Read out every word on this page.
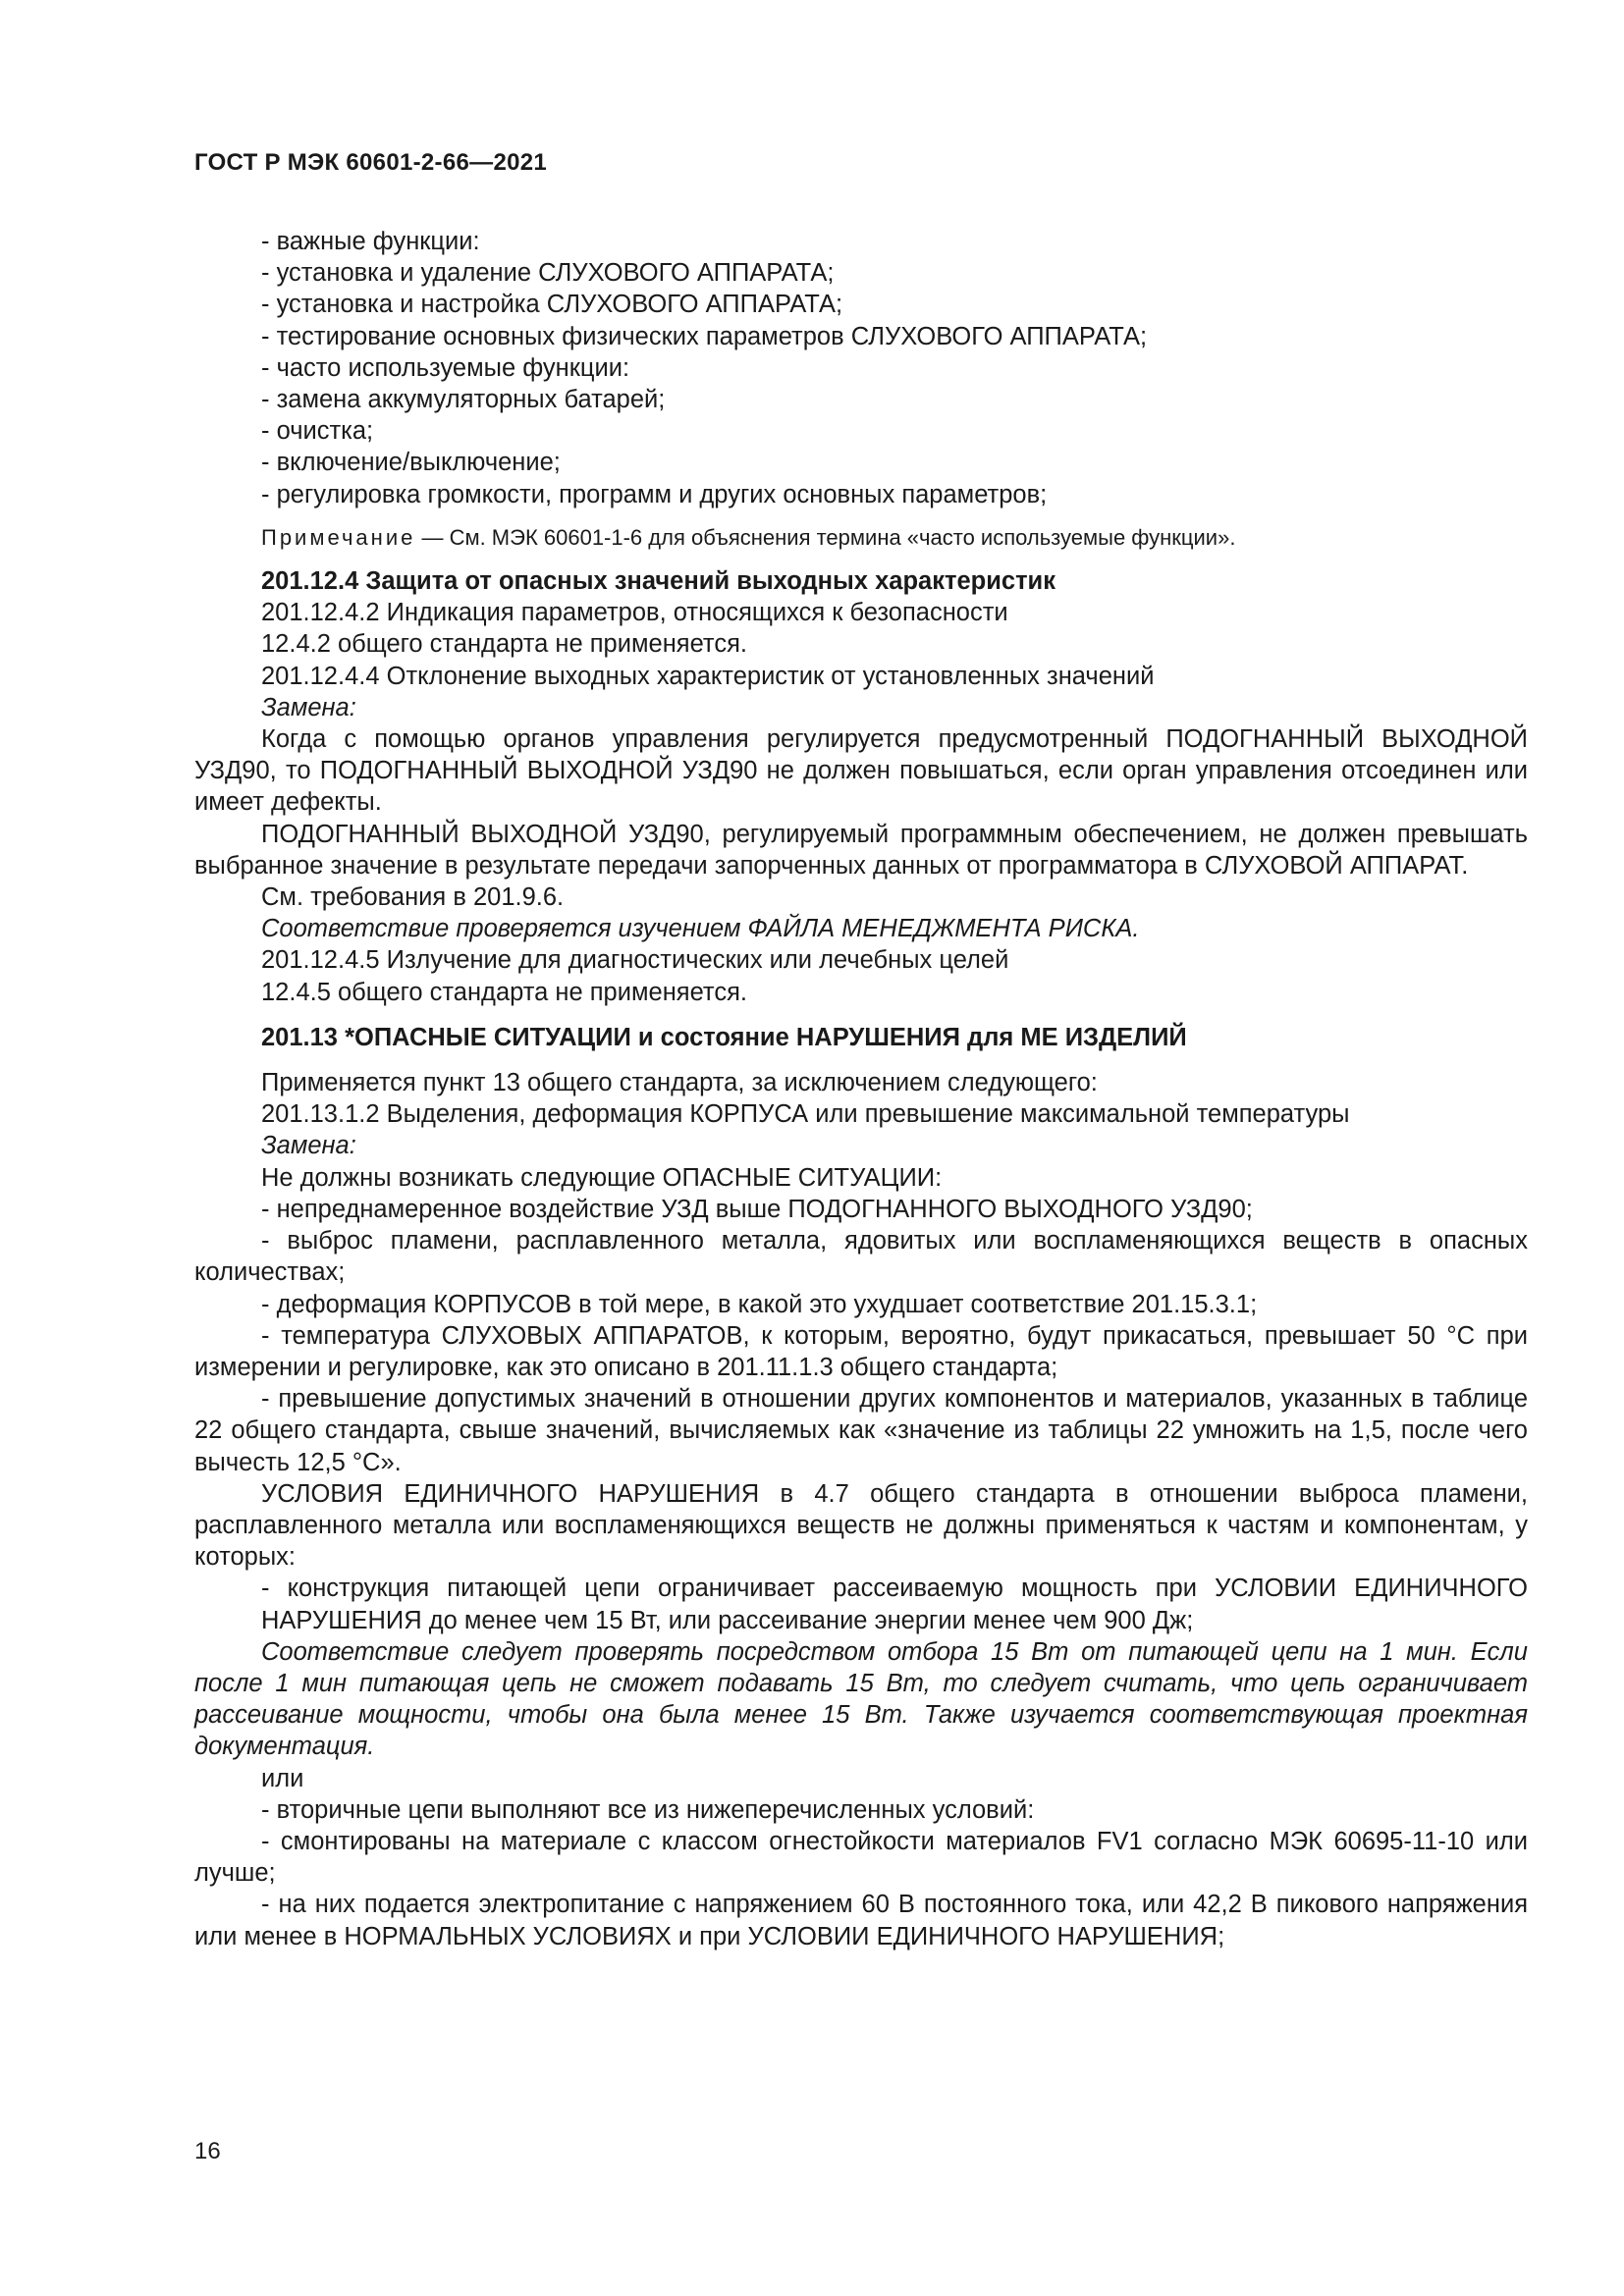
ГОСТ Р МЭК 60601-2-66—2021

- важные функции:

- установка и удаление СЛУХОВОГО АППАРАТА;

- установка и настройка СЛУХОВОГО АППАРАТА;

- тестирование основных физических параметров СЛУХОВОГО АППАРАТА;

- часто используемые функции:

- замена аккумуляторных батарей;

- очистка;

- включение/выключение;

- регулировка громкости, программ и других основных параметров;

Примечание — См. МЭК 60601-1-6 для объяснения термина «часто используемые функции».

201.12.4 Защита от опасных значений выходных характеристик

201.12.4.2 Индикация параметров, относящихся к безопасности

12.4.2 общего стандарта не применяется.

201.12.4.4 Отклонение выходных характеристик от установленных значений

Замена:

Когда с помощью органов управления регулируется предусмотренный ПОДОГНАННЫЙ ВЫХОДНОЙ УЗД90, то ПОДОГНАННЫЙ ВЫХОДНОЙ УЗД90 не должен повышаться, если орган управления отсоединен или имеет дефекты.

ПОДОГНАННЫЙ ВЫХОДНОЙ УЗД90, регулируемый программным обеспечением, не должен превышать выбранное значение в результате передачи запорченных данных от программатора в СЛУХОВОЙ АППАРАТ.

См. требования в 201.9.6.

Соответствие проверяется изучением ФАЙЛА МЕНЕДЖМЕНТА РИСКА.

201.12.4.5 Излучение для диагностических или лечебных целей

12.4.5 общего стандарта не применяется.

201.13 *ОПАСНЫЕ СИТУАЦИИ и состояние НАРУШЕНИЯ для МЕ ИЗДЕЛИЙ

Применяется пункт 13 общего стандарта, за исключением следующего:

201.13.1.2 Выделения, деформация КОРПУСА или превышение максимальной температуры

Замена:

Не должны возникать следующие ОПАСНЫЕ СИТУАЦИИ:

- непреднамеренное воздействие УЗД выше ПОДОГНАННОГО ВЫХОДНОГО УЗД90;

- выброс пламени, расплавленного металла, ядовитых или воспламеняющихся веществ в опасных количествах;

- деформация КОРПУСОВ в той мере, в какой это ухудшает соответствие 201.15.3.1;

- температура СЛУХОВЫХ АППАРАТОВ, к которым, вероятно, будут прикасаться, превышает 50 °С при измерении и регулировке, как это описано в 201.11.1.3 общего стандарта;

- превышение допустимых значений в отношении других компонентов и материалов, указанных в таблице 22 общего стандарта, свыше значений, вычисляемых как «значение из таблицы 22 умножить на 1,5, после чего вычесть 12,5 °С».

УСЛОВИЯ ЕДИНИЧНОГО НАРУШЕНИЯ в 4.7 общего стандарта в отношении выброса пламени, расплавленного металла или воспламеняющихся веществ не должны применяться к частям и компонентам, у которых:

- конструкция питающей цепи ограничивает рассеиваемую мощность при УСЛОВИИ ЕДИНИЧНОГО НАРУШЕНИЯ до менее чем 15 Вт, или рассеивание энергии менее чем 900 Дж;

Соответствие следует проверять посредством отбора 15 Вт от питающей цепи на 1 мин. Если после 1 мин питающая цепь не сможет подавать 15 Вт, то следует считать, что цепь ограничивает рассеивание мощности, чтобы она была менее 15 Вт. Также изучается соответствующая проектная документация.

или

- вторичные цепи выполняют все из нижеперечисленных условий:

- смонтированы на материале с классом огнестойкости материалов FV1 согласно МЭК 60695-11-10 или лучше;

- на них подается электропитание с напряжением 60 В постоянного тока, или 42,2 В пикового напряжения или менее в НОРМАЛЬНЫХ УСЛОВИЯХ и при УСЛОВИИ ЕДИНИЧНОГО НАРУШЕНИЯ;

16
